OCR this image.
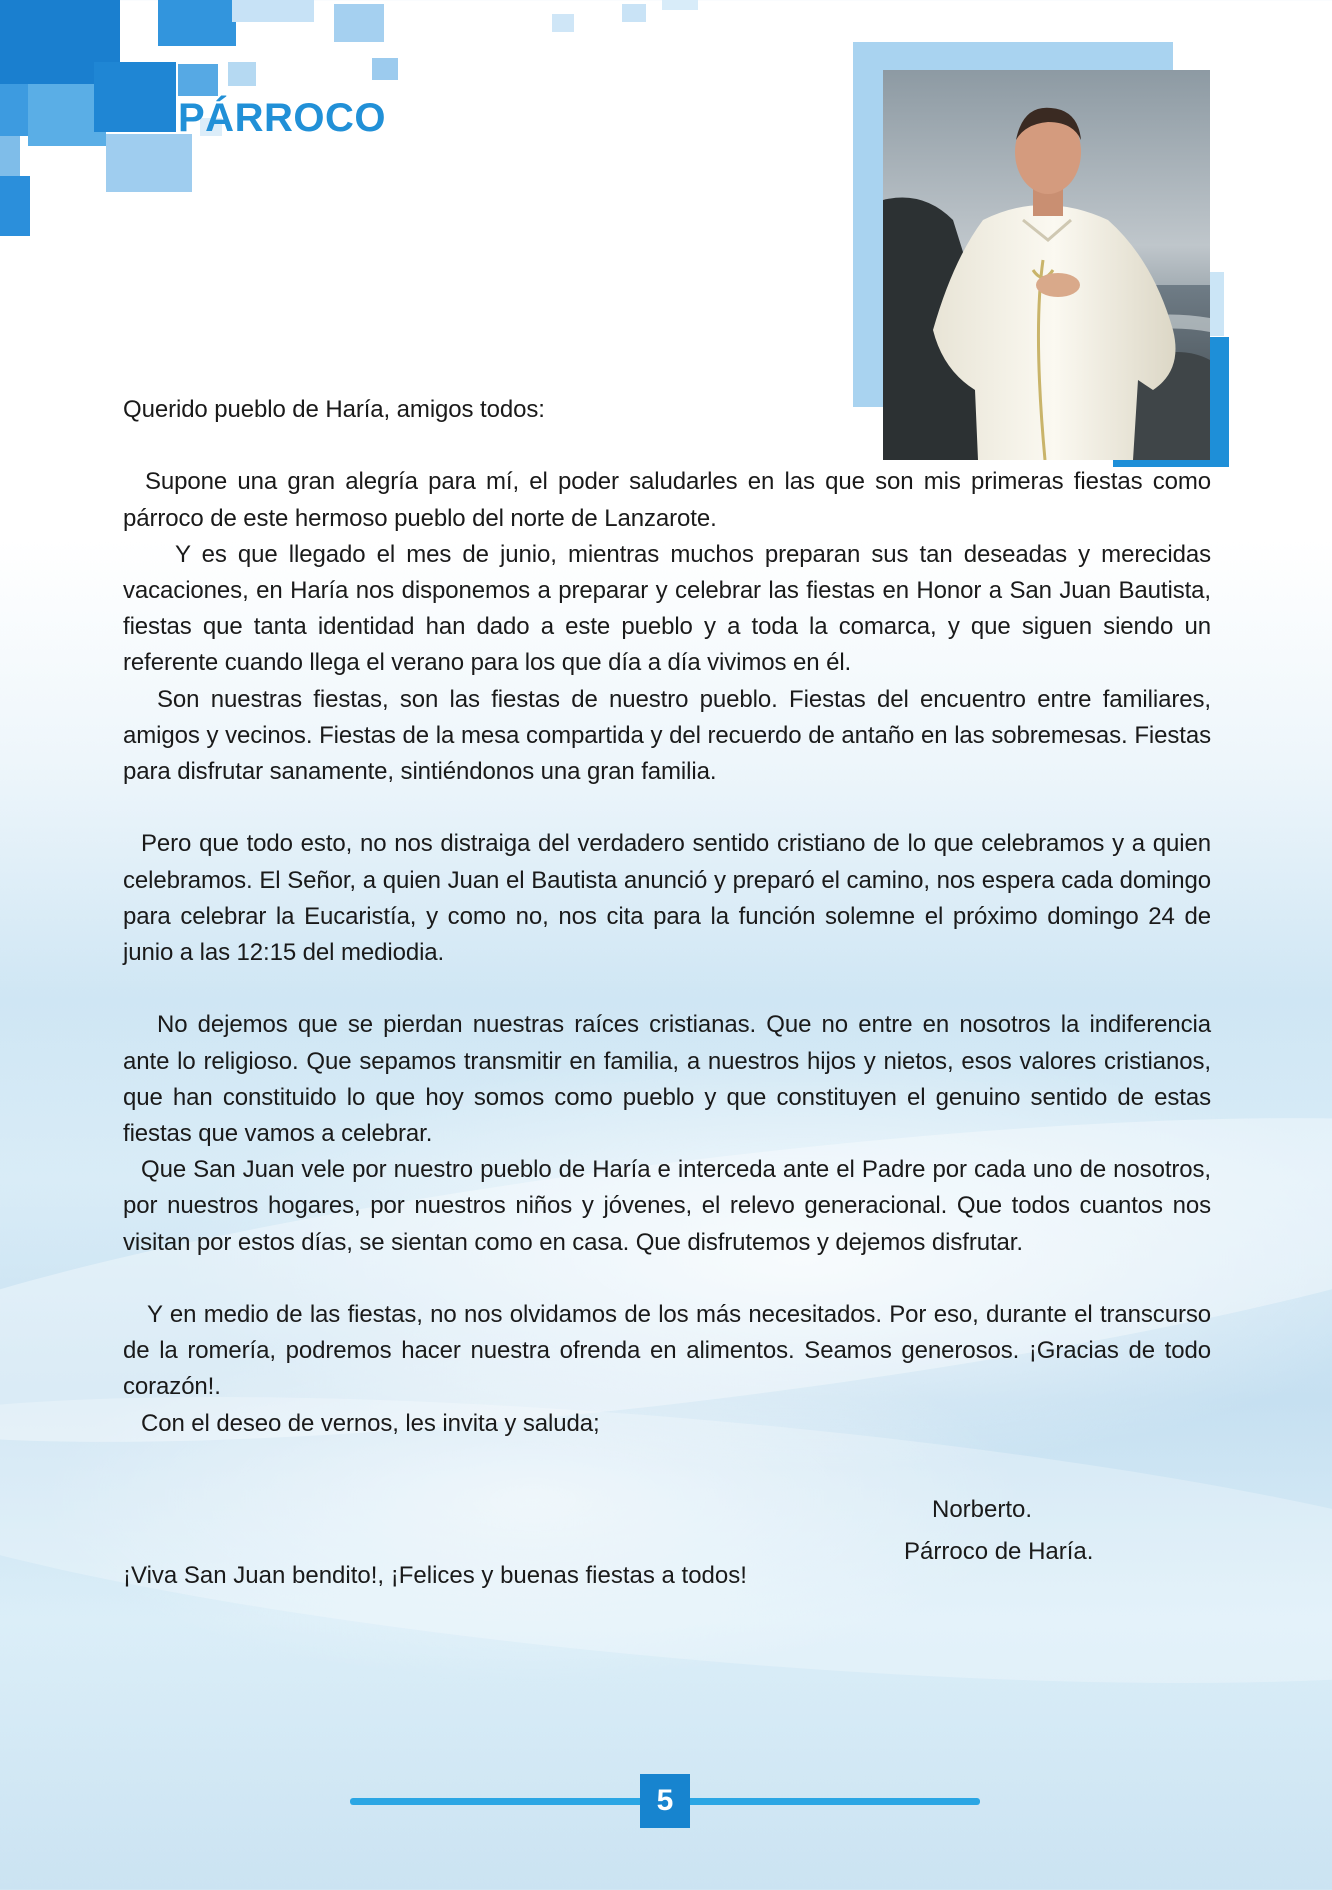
PÁRROCO

Querido pueblo de Haría, amigos todos:

Supone una gran alegría para mí, el poder saludarles en las que son mis primeras fiestas como párroco de este hermoso pueblo del norte de Lanzarote.

Y es que llegado el mes de junio, mientras muchos preparan sus tan deseadas y merecidas vacaciones, en Haría nos disponemos a preparar y celebrar las fiestas en Honor a San Juan Bautista, fiestas que tanta identidad han dado a este pueblo y a toda la comarca, y que siguen siendo un referente cuando llega el verano para los que día a día vivimos en él.

Son nuestras fiestas, son las fiestas de nuestro pueblo. Fiestas del encuentro entre familiares, amigos y vecinos. Fiestas de la mesa compartida y del recuerdo de antaño en las sobremesas. Fiestas para disfrutar sanamente, sintiéndonos una gran familia.

Pero que todo esto, no nos distraiga del verdadero sentido cristiano de lo que celebramos y a quien celebramos. El Señor, a quien Juan el Bautista anunció y preparó el camino, nos espera cada domingo para celebrar la Eucaristía, y como no, nos cita para la función solemne el próximo domingo 24 de junio a las 12:15 del mediodia.

No dejemos que se pierdan nuestras raíces cristianas. Que no entre en nosotros la indiferencia ante lo religioso. Que sepamos transmitir en familia, a nuestros hijos y nietos, esos valores cristianos, que han constituido lo que hoy somos como pueblo y que constituyen el genuino sentido de estas fiestas que vamos a celebrar.

Que San Juan vele por nuestro pueblo de Haría e interceda ante el Padre por cada uno de nosotros, por nuestros hogares, por nuestros niños y jóvenes, el relevo generacional. Que todos cuantos nos visitan por estos días, se sientan como en casa. Que disfrutemos y dejemos disfrutar.

Y en medio de las fiestas, no nos olvidamos de los más necesitados. Por eso, durante el transcurso de la romería, podremos hacer nuestra ofrenda en alimentos. Seamos generosos. ¡Gracias de todo corazón!.

Con el deseo de vernos, les invita y saluda;

Norberto.
Párroco de Haría.
¡Viva San Juan bendito!, ¡Felices y buenas fiestas a todos!
5
